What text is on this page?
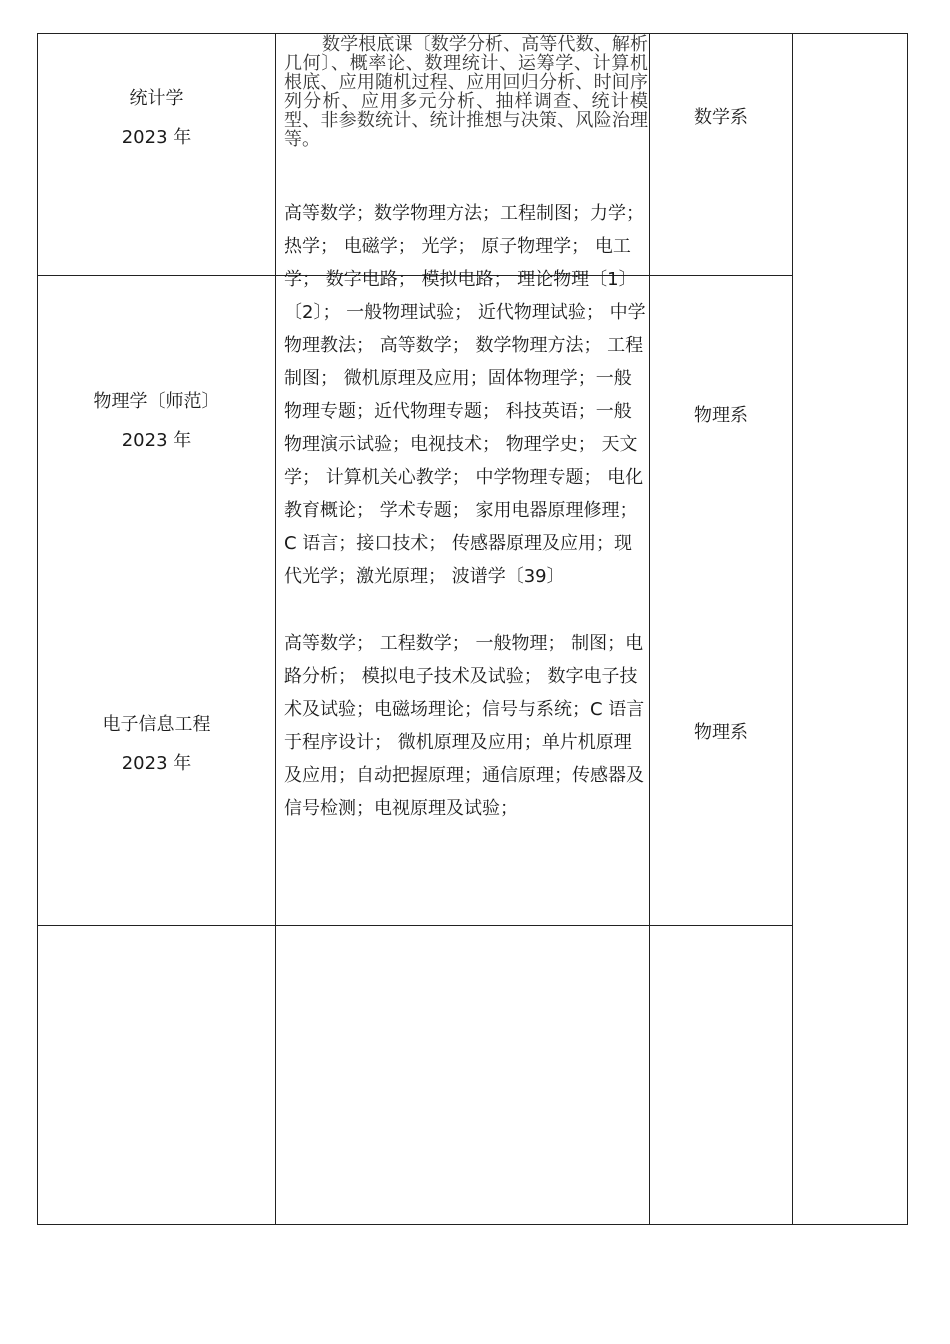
统计学
2023 年
数学根底课〔数学分析、高等代数、解析几何〕、概率论、数理统计、运筹学、计算机根底、应用随机过程、应用回归分析、时间序列分析、应用多元分析、抽样调查、统计模型、非参数统计、统计推想与决策、风险治理等。
数学系
物理学〔师范〕
2023 年
高等数学；数学物理方法；工程制图；力学；热学； 电磁学； 光学； 原子物理学； 电工学； 数字电路； 模拟电路； 理论物理〔1〕〔2〕； 一般物理试验； 近代物理试验； 中学物理教法； 高等数学； 数学物理方法； 工程制图； 微机原理及应用；固体物理学；一般物理专题；近代物理专题； 科技英语；一般物理演示试验；电视技术； 物理学史； 天文学； 计算机关心教学； 中学物理专题； 电化教育概论； 学术专题； 家用电器原理修理； C 语言；接口技术； 传感器原理及应用；现代光学；激光原理； 波谱学〔39〕
物理系
电子信息工程
2023 年
高等数学； 工程数学； 一般物理； 制图；电路分析； 模拟电子技术及试验； 数字电子技术及试验；电磁场理论；信号与系统；C 语言于程序设计； 微机原理及应用；单片机原理及应用；自动把握原理；通信原理；传感器及信号检测；电视原理及试验；
物理系
